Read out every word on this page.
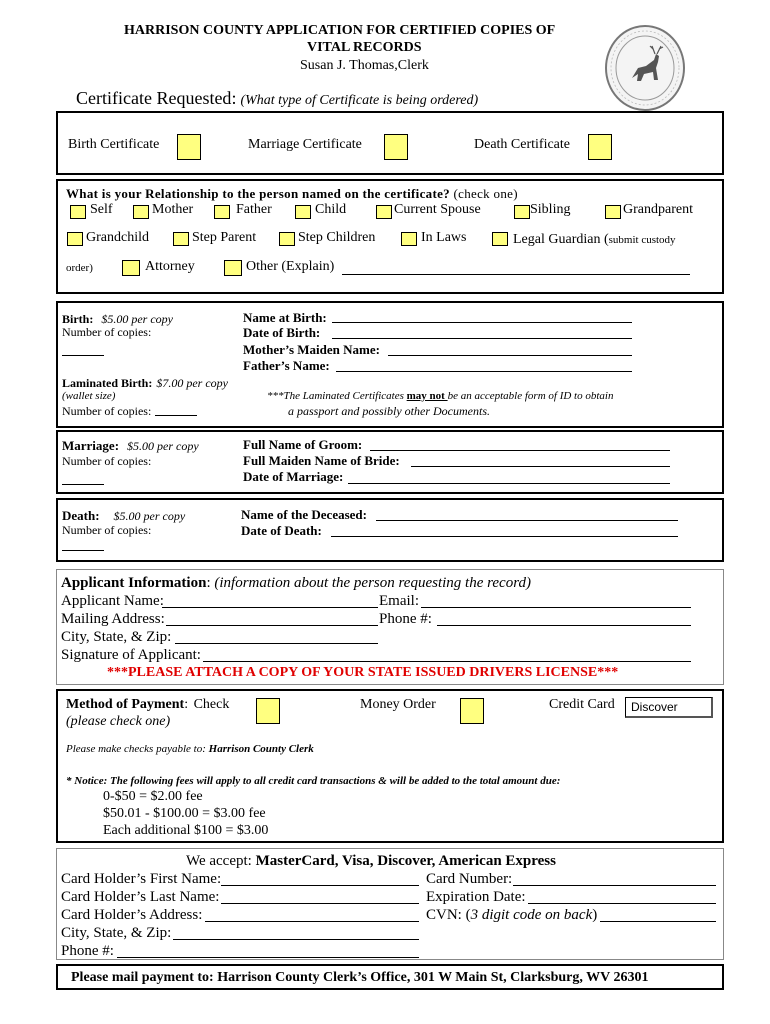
HARRISON COUNTY APPLICATION FOR CERTIFIED COPIES OF
VITAL RECORDS
Susan J. Thomas,Clerk
Certificate Requested: (What type of Certificate is being ordered)
Birth Certificate	Marriage Certificate	Death Certificate
What is your Relationship to the person named on the certificate? (check one)
Self	Mother	Father	Child	Current Spouse	Sibling	Grandparent
Grandchild	Step Parent	Step Children	In Laws	Legal Guardian (submit custody
order)	Attorney	Other (Explain)
Birth: $5.00 per copy
Number of copies:
Name at Birth:
Date of Birth:
Mother’s Maiden Name:
Father’s Name:
Laminated Birth: $7.00 per copy
(wallet size)
Number of copies:
***The Laminated Certificates may not be an acceptable form of ID to obtain
a passport and possibly other Documents.
Marriage: $5.00 per copy
Number of copies:
Full Name of Groom:
Full Maiden Name of Bride:
Date of Marriage:
Death: $5.00 per copy
Number of copies:
Name of the Deceased:
Date of Death:
Applicant Information: (information about the person requesting the record)
Applicant Name:	Email:
Mailing Address:	Phone #:
City, State, & Zip:
Signature of Applicant:
***PLEASE ATTACH A COPY OF YOUR STATE ISSUED DRIVERS LICENSE***
Method of Payment: Check
(please check one)
Money Order	Credit Card Discover
Please make checks payable to: Harrison County Clerk
* Notice: The following fees will apply to all credit card transactions & will be added to the total amount due:
0-$50 = $2.00 fee
$50.01 - $100.00 = $3.00 fee
Each additional $100 = $3.00
We accept: MasterCard, Visa, Discover, American Express
Card Holder’s First Name:
Card Holder’s Last Name:
Card Holder’s Address:
City, State, & Zip:
Phone #:
Card Number:
Expiration Date:
CVN: (3 digit code on back)
Please mail payment to: Harrison County Clerk’s Office, 301 W Main St, Clarksburg, WV 26301
